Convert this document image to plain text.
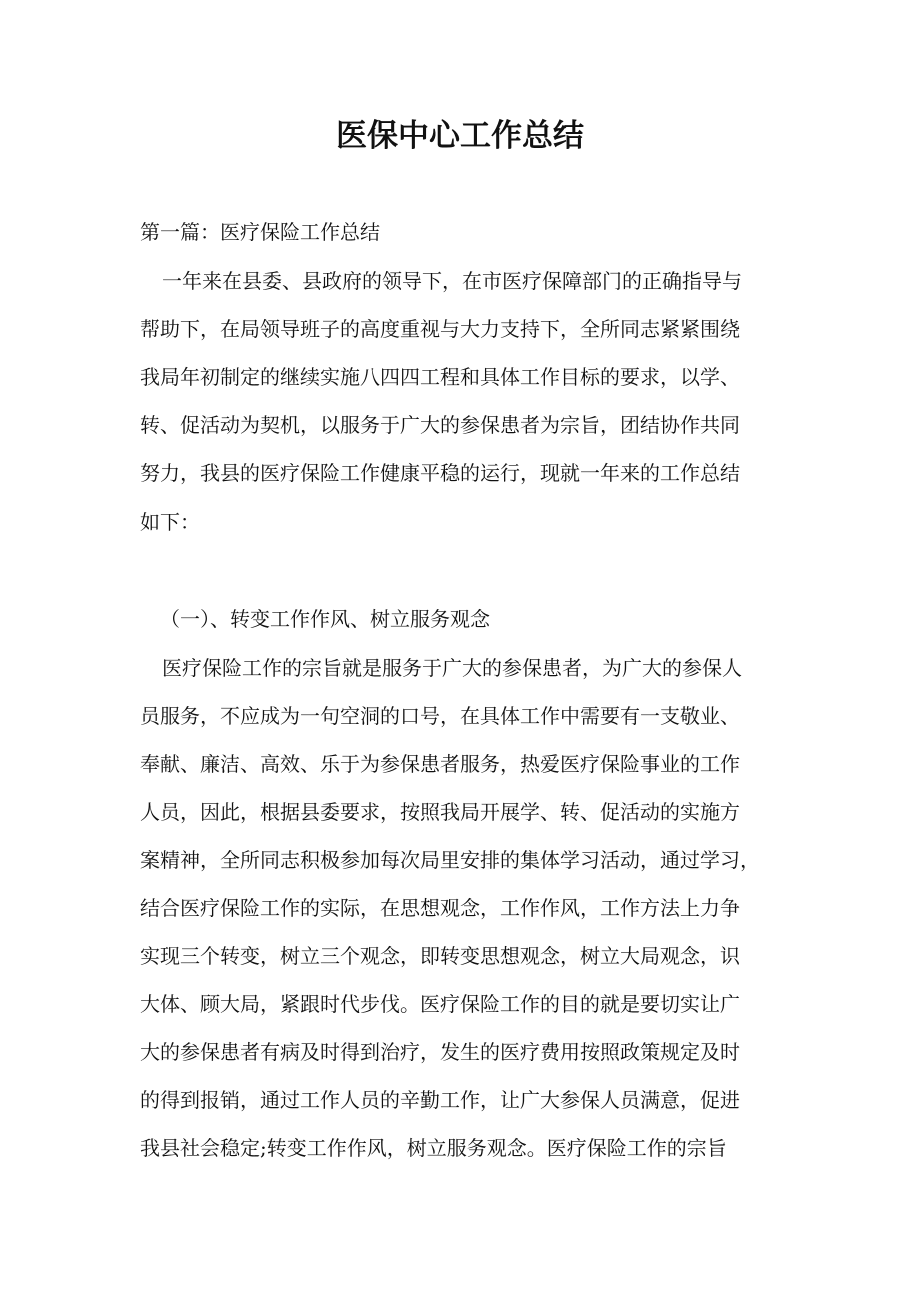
医保中心工作总结

第一篇：医疗保险工作总结

一年来在县委、县政府的领导下，在市医疗保障部门的正确指导与

帮助下，在局领导班子的高度重视与大力支持下，全所同志紧紧围绕

我局年初制定的继续实施八四四工程和具体工作目标的要求，以学、

转、促活动为契机，以服务于广大的参保患者为宗旨，团结协作共同

努力，我县的医疗保险工作健康平稳的运行，现就一年来的工作总结

如下：

（一）、转变工作作风、树立服务观念

医疗保险工作的宗旨就是服务于广大的参保患者，为广大的参保人

员服务，不应成为一句空洞的口号，在具体工作中需要有一支敬业、

奉献、廉洁、高效、乐于为参保患者服务，热爱医疗保险事业的工作

人员，因此，根据县委要求，按照我局开展学、转、促活动的实施方

案精神，全所同志积极参加每次局里安排的集体学习活动，通过学习，

结合医疗保险工作的实际，在思想观念，工作作风，工作方法上力争

实现三个转变，树立三个观念，即转变思想观念，树立大局观念，识

大体、顾大局，紧跟时代步伐。医疗保险工作的目的就是要切实让广

大的参保患者有病及时得到治疗，发生的医疗费用按照政策规定及时

的得到报销，通过工作人员的辛勤工作，让广大参保人员满意，促进

我县社会稳定;转变工作作风，树立服务观念。医疗保险工作的宗旨
